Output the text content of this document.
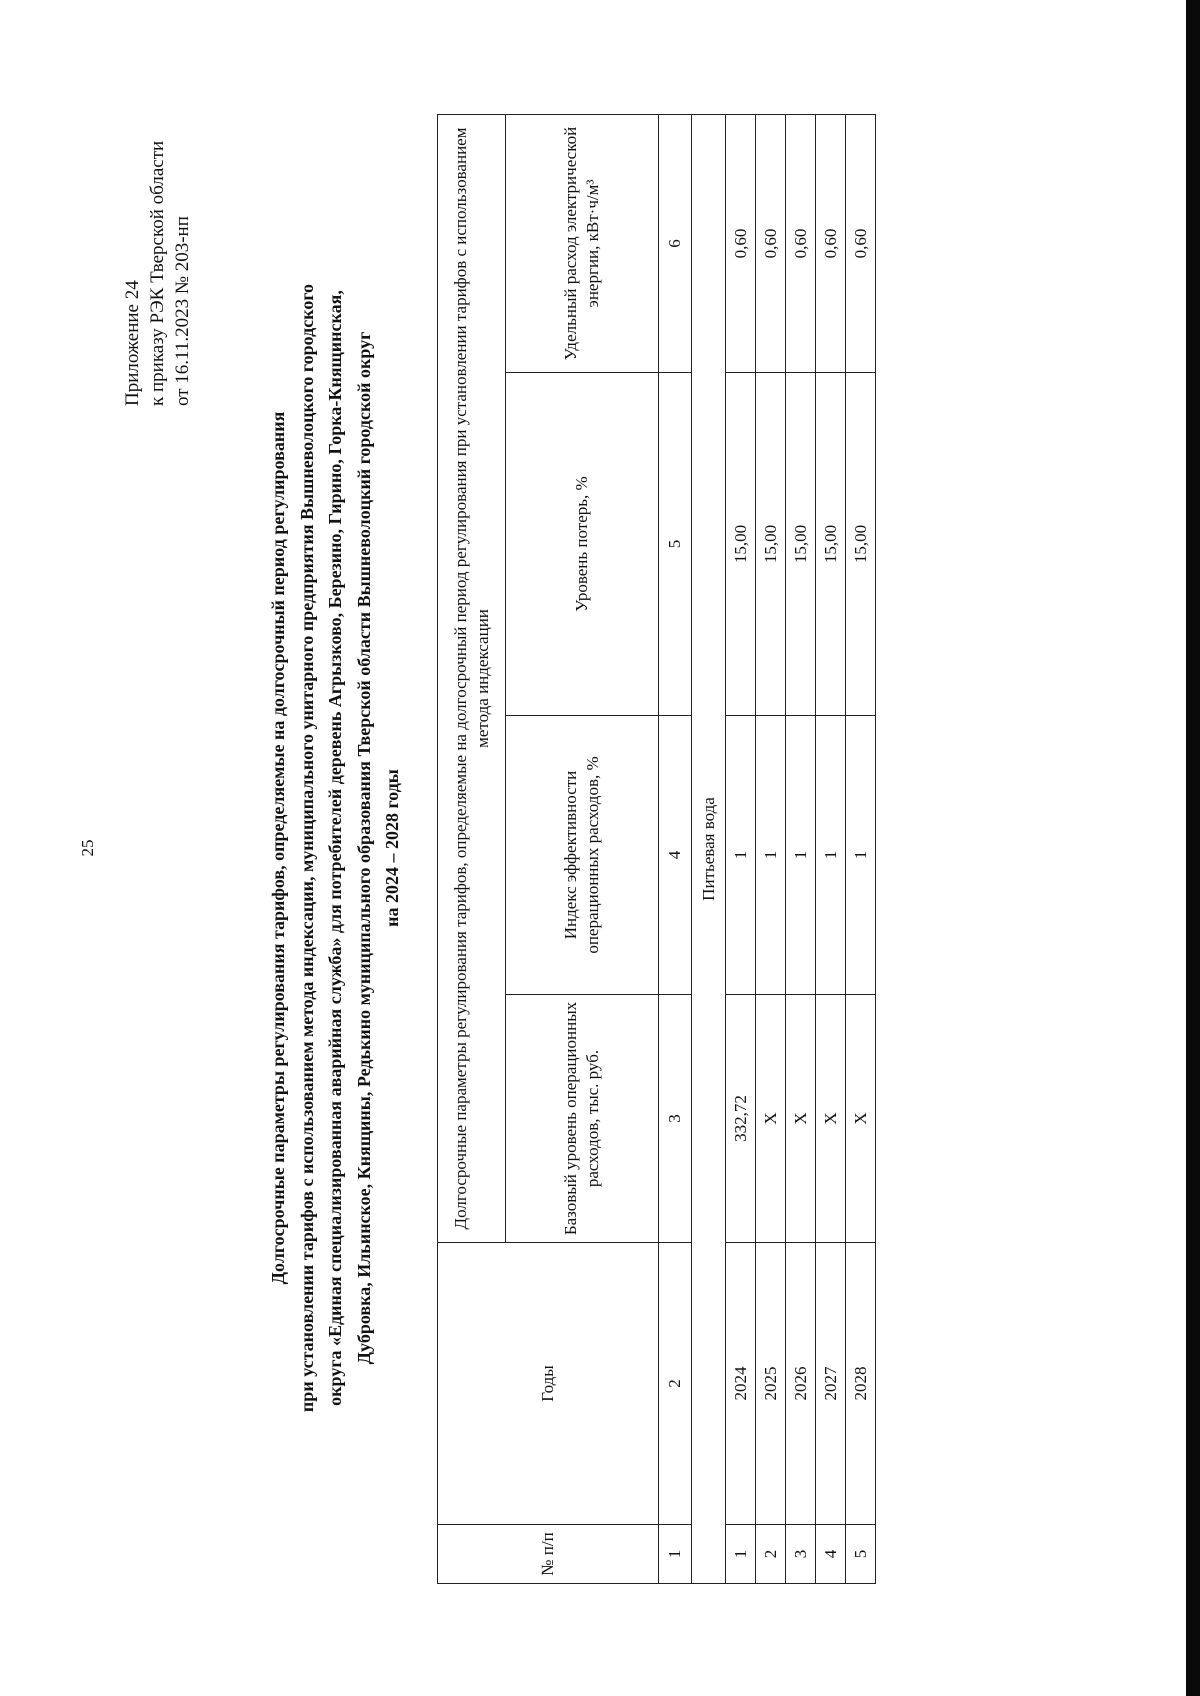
25
Приложение 24 к приказу РЭК Тверской области от 16.11.2023 № 203-нп
Долгосрочные параметры регулирования тарифов, определяемые на долгосрочный период регулирования при установлении тарифов с использованием метода индексации, муниципального унитарного предприятия Вышневолоцкого городского округа «Единая специализированная аварийная служба» для потребителей деревень Агрызково, Березино, Гирино, Горка-Княщинская, Дубровка, Ильинское, Княщины, Редькино муниципального образования Тверской области Вышневолоцкий городской округ на 2024 – 2028 годы
№ п/п	Годы	Долгосрочные параметры регулирования тарифов, определяемые на долгосрочный период регулирования при установлении тарифов с использованием метода индексации			
		Базовый уровень операционных расходов, тыс. руб.	Индекс эффективности операционных расходов, %	Уровень потерь, %	Удельный расход электрической энергии, кВт·ч/м³
1	2	3	4	5	6
Питьевая вода					
1	2024	332,72	1	15,00	0,60
2	2025	Х	1	15,00	0,60
3	2026	Х	1	15,00	0,60
4	2027	Х	1	15,00	0,60
5	2028	Х	1	15,00	0,60
